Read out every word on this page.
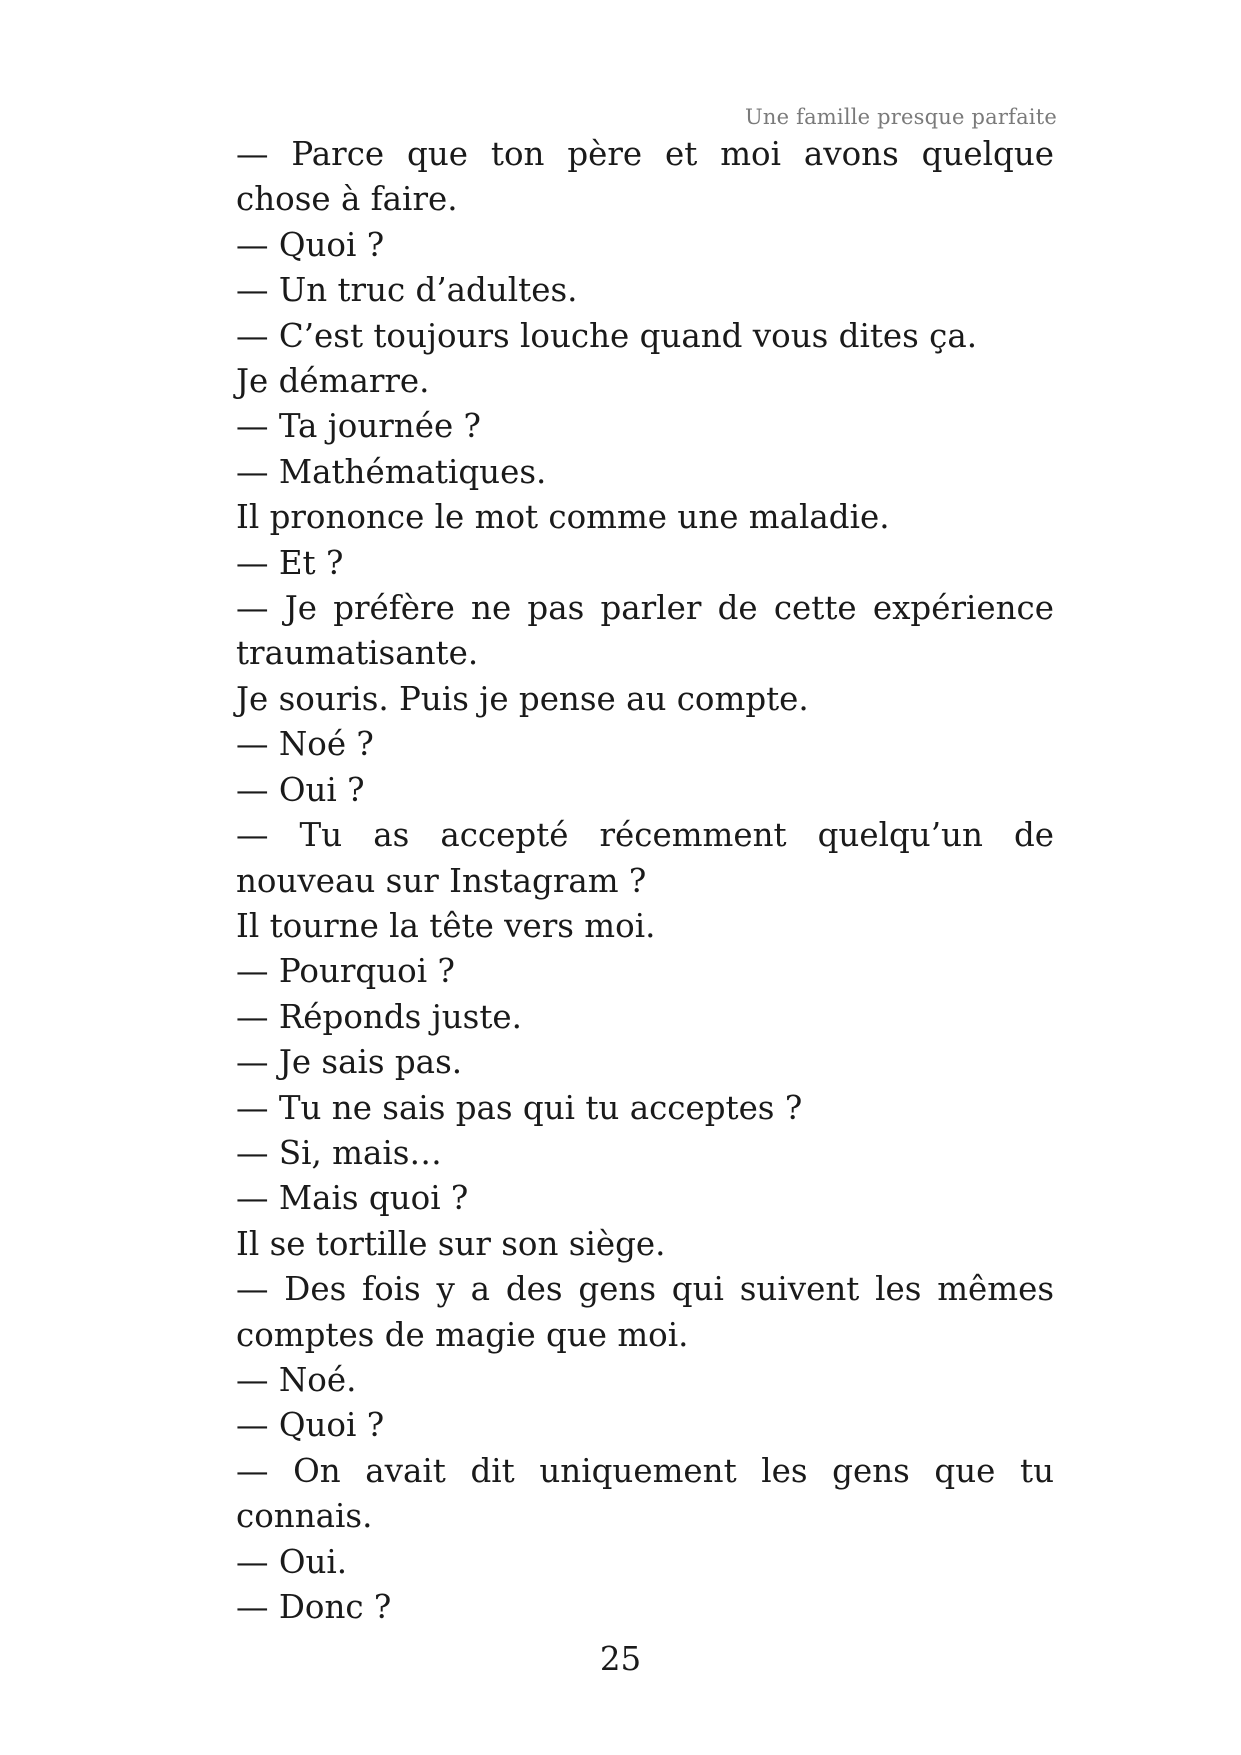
Une famille presque parfaite

— Parce que ton père et moi avons quelque chose à faire.

— Quoi ?

— Un truc d’adultes.

— C’est toujours louche quand vous dites ça.

Je démarre.

— Ta journée ?

— Mathématiques.

Il prononce le mot comme une maladie.

— Et ?

— Je préfère ne pas parler de cette expérience traumatisante.

Je souris. Puis je pense au compte.

— Noé ?

— Oui ?

— Tu as accepté récemment quelqu’un de nouveau sur Instagram ?

Il tourne la tête vers moi.

— Pourquoi ?

— Réponds juste.

— Je sais pas.

— Tu ne sais pas qui tu acceptes ?

— Si, mais…

— Mais quoi ?

Il se tortille sur son siège.

— Des fois y a des gens qui suivent les mêmes comptes de magie que moi.

— Noé.

— Quoi ?

— On avait dit uniquement les gens que tu connais.

— Oui.

— Donc ?

25
